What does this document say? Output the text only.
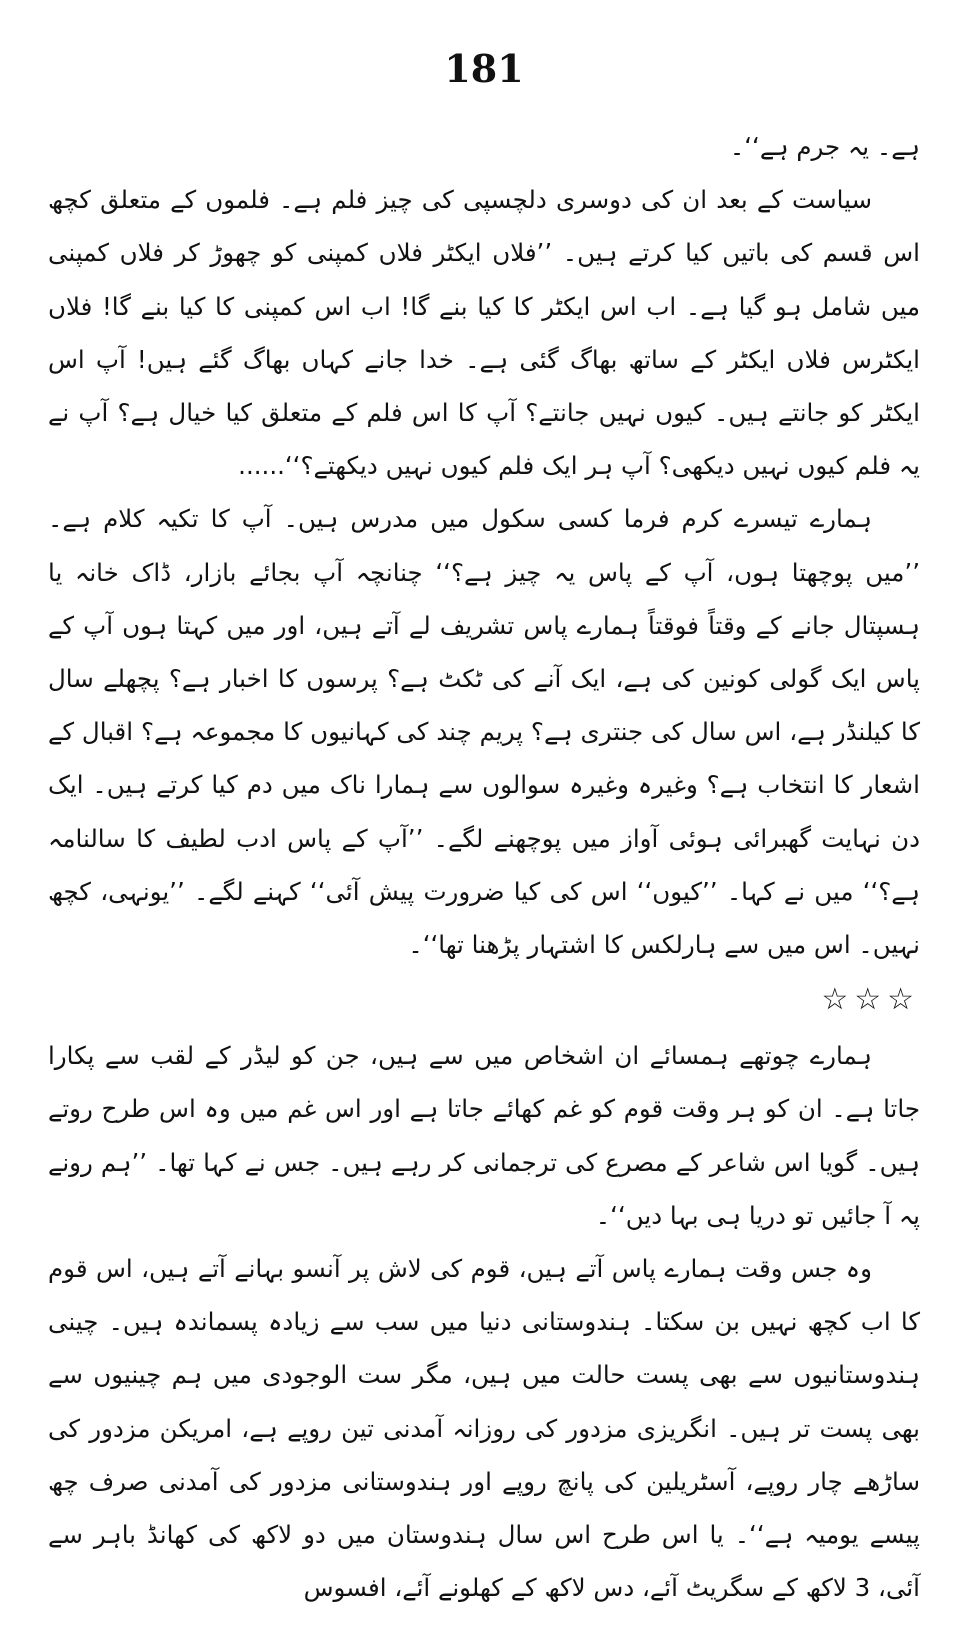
181

ہے۔ یہ جرم ہے‘‘۔

سیاست کے بعد ان کی دوسری دلچسپی کی چیز فلم ہے۔ فلموں کے متعلق کچھ اس قسم کی باتیں کیا کرتے ہیں۔ ’’فلاں ایکٹر فلاں کمپنی کو چھوڑ کر فلاں کمپنی میں شامل ہو گیا ہے۔ اب اس ایکٹر کا کیا بنے گا! اب اس کمپنی کا کیا بنے گا! فلاں ایکٹرس فلاں ایکٹر کے ساتھ بھاگ گئی ہے۔ خدا جانے کہاں بھاگ گئے ہیں! آپ اس ایکٹر کو جانتے ہیں۔ کیوں نہیں جانتے؟ آپ کا اس فلم کے متعلق کیا خیال ہے؟ آپ نے یہ فلم کیوں نہیں دیکھی؟ آپ ہر ایک فلم کیوں نہیں دیکھتے؟‘‘......

ہمارے تیسرے کرم فرما کسی سکول میں مدرس ہیں۔ آپ کا تکیہ کلام ہے۔ ’’میں پوچھتا ہوں، آپ کے پاس یہ چیز ہے؟‘‘ چنانچہ آپ بجائے بازار، ڈاک خانہ یا ہسپتال جانے کے وقتاً فوقتاً ہمارے پاس تشریف لے آتے ہیں، اور میں کہتا ہوں آپ کے پاس ایک گولی کونین کی ہے، ایک آنے کی ٹکٹ ہے؟ پرسوں کا اخبار ہے؟ پچھلے سال کا کیلنڈر ہے، اس سال کی جنتری ہے؟ پریم چند کی کہانیوں کا مجموعہ ہے؟ اقبال کے اشعار کا انتخاب ہے؟ وغیرہ وغیرہ سوالوں سے ہمارا ناک میں دم کیا کرتے ہیں۔ ایک دن نہایت گھبرائی ہوئی آواز میں پوچھنے لگے۔ ’’آپ کے پاس ادب لطیف کا سالنامہ ہے؟‘‘ میں نے کہا۔ ’’کیوں‘‘ اس کی کیا ضرورت پیش آئی‘‘ کہنے لگے۔ ’’یونہی، کچھ نہیں۔ اس میں سے ہارلکس کا اشتہار پڑھنا تھا‘‘۔

☆☆☆

ہمارے چوتھے ہمسائے ان اشخاص میں سے ہیں، جن کو لیڈر کے لقب سے پکارا جاتا ہے۔ ان کو ہر وقت قوم کو غم کھائے جاتا ہے اور اس غم میں وہ اس طرح روتے ہیں۔ گویا اس شاعر کے مصرع کی ترجمانی کر رہے ہیں۔ جس نے کہا تھا۔ ’’ہم رونے پہ آ جائیں تو دریا ہی بہا دیں‘‘۔

وہ جس وقت ہمارے پاس آتے ہیں، قوم کی لاش پر آنسو بہانے آتے ہیں، اس قوم کا اب کچھ نہیں بن سکتا۔ ہندوستانی دنیا میں سب سے زیادہ پسماندہ ہیں۔ چینی ہندوستانیوں سے بھی پست حالت میں ہیں، مگر ست الوجودی میں ہم چینیوں سے بھی پست تر ہیں۔ انگریزی مزدور کی روزانہ آمدنی تین روپے ہے، امریکن مزدور کی ساڑھے چار روپے، آسٹریلین کی پانچ روپے اور ہندوستانی مزدور کی آمدنی صرف چھ پیسے یومیہ ہے‘‘۔ یا اس طرح اس سال ہندوستان میں دو لاکھ کی کھانڈ باہر سے آئی، 3 لاکھ کے سگریٹ آئے، دس لاکھ کے کھلونے آئے، افسوس
